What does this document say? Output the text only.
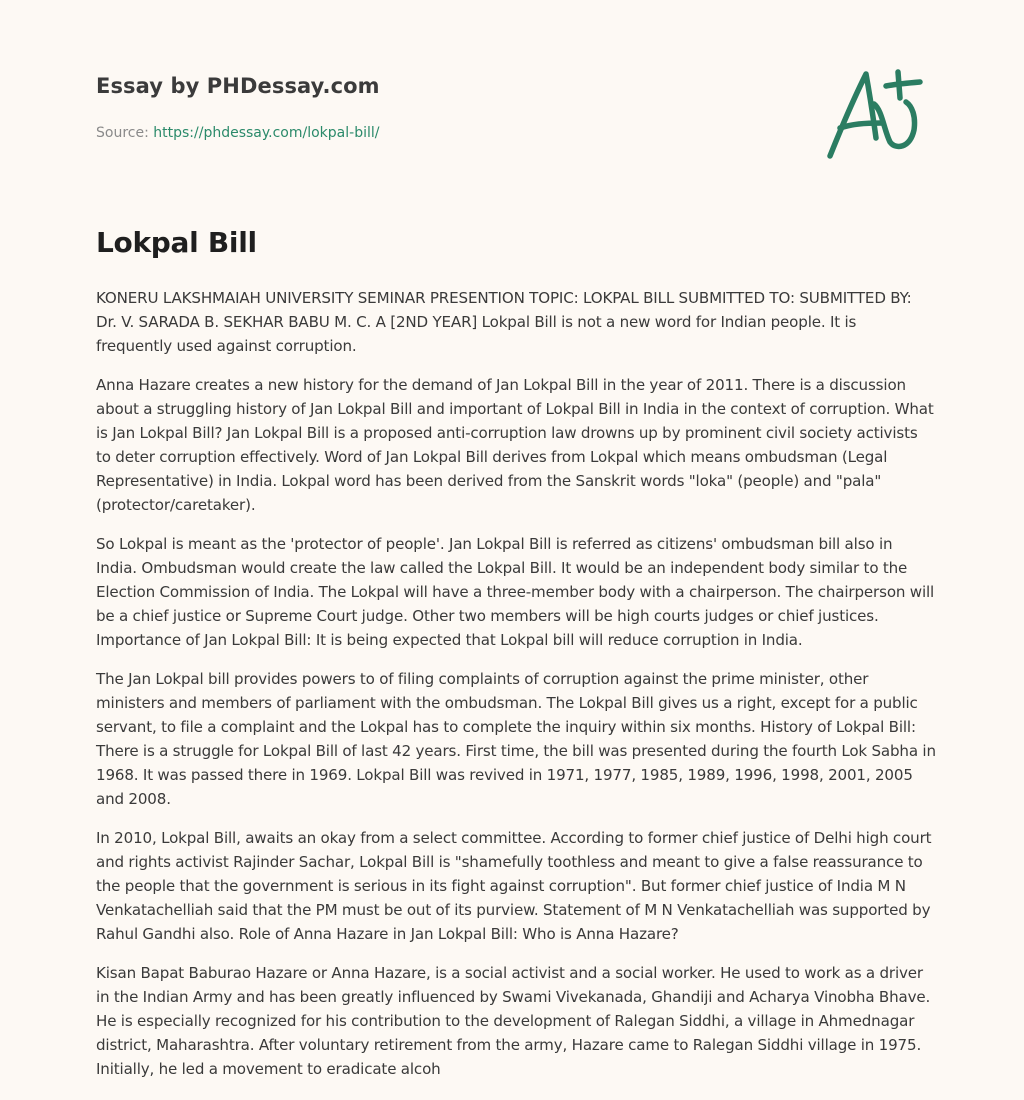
Essay by PHDessay.com

Source: https://phdessay.com/lokpal-bill/
Lokpal Bill

KONERU LAKSHMAIAH UNIVERSITY SEMINAR PRESENTION TOPIC: LOKPAL BILL SUBMITTED TO: SUBMITTED BY: Dr. V. SARADA B. SEKHAR BABU M. C. A [2ND YEAR] Lokpal Bill is not a new word for Indian people. It is frequently used against corruption.

Anna Hazare creates a new history for the demand of Jan Lokpal Bill in the year of 2011. There is a discussion about a struggling history of Jan Lokpal Bill and important of Lokpal Bill in India in the context of corruption. What is Jan Lokpal Bill? Jan Lokpal Bill is a proposed anti-corruption law drowns up by prominent civil society activists to deter corruption effectively. Word of Jan Lokpal Bill derives from Lokpal which means ombudsman (Legal Representative) in India. Lokpal word has been derived from the Sanskrit words "loka" (people) and "pala" (protector/caretaker).

So Lokpal is meant as the 'protector of people'. Jan Lokpal Bill is referred as citizens' ombudsman bill also in India. Ombudsman would create the law called the Lokpal Bill. It would be an independent body similar to the Election Commission of India. The Lokpal will have a three-member body with a chairperson. The chairperson will be a chief justice or Supreme Court judge. Other two members will be high courts judges or chief justices. Importance of Jan Lokpal Bill: It is being expected that Lokpal bill will reduce corruption in India.

The Jan Lokpal bill provides powers to of filing complaints of corruption against the prime minister, other ministers and members of parliament with the ombudsman. The Lokpal Bill gives us a right, except for a public servant, to file a complaint and the Lokpal has to complete the inquiry within six months. History of Lokpal Bill: There is a struggle for Lokpal Bill of last 42 years. First time, the bill was presented during the fourth Lok Sabha in 1968. It was passed there in 1969. Lokpal Bill was revived in 1971, 1977, 1985, 1989, 1996, 1998, 2001, 2005 and 2008.

In 2010, Lokpal Bill, awaits an okay from a select committee. According to former chief justice of Delhi high court and rights activist Rajinder Sachar, Lokpal Bill is "shamefully toothless and meant to give a false reassurance to the people that the government is serious in its fight against corruption". But former chief justice of India M N Venkatachelliah said that the PM must be out of its purview. Statement of M N Venkatachelliah was supported by Rahul Gandhi also. Role of Anna Hazare in Jan Lokpal Bill: Who is Anna Hazare?

Kisan Bapat Baburao Hazare or Anna Hazare, is a social activist and a social worker. He used to work as a driver in the Indian Army and has been greatly influenced by Swami Vivekanada, Ghandiji and Acharya Vinobha Bhave. He is especially recognized for his contribution to the development of Ralegan Siddhi, a village in Ahmednagar district, Maharashtra. After voluntary retirement from the army, Hazare came to Ralegan Siddhi village in 1975. Initially, he led a movement to eradicate alcoh
